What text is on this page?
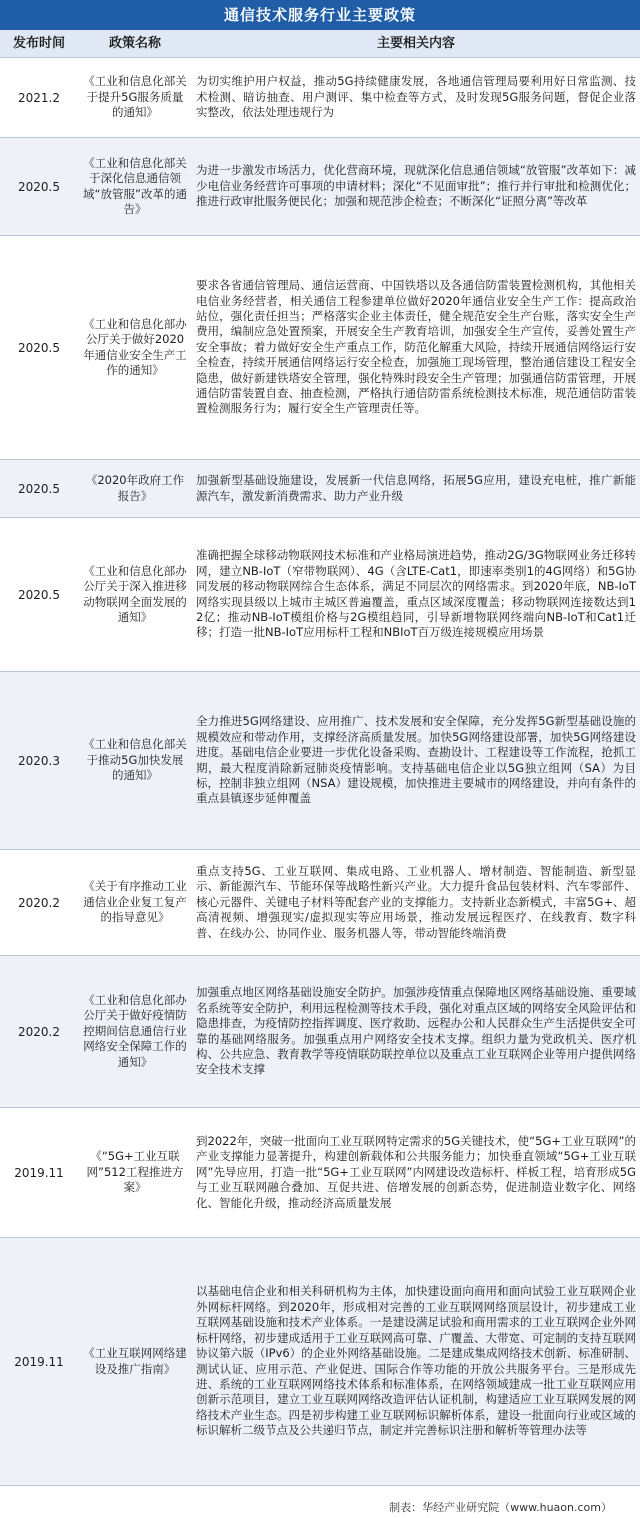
通信技术服务行业主要政策
发布时间	政策名称	主要相关内容
2021.2
《工业和信息化部关于提升5G服务质量的通知》
为切实维护用户权益，推动5G持续健康发展，各地通信管理局要利用好日常监测、技术检测、暗访抽查、用户测评、集中检查等方式，及时发现5G服务问题，督促企业落实整改，依法处理违规行为
2020.5
《工业和信息化部关于深化信息通信领域“放管服”改革的通告》
为进一步激发市场活力，优化营商环境，现就深化信息通信领域“放管服”改革如下：减少电信业务经营许可事项的申请材料；深化“不见面审批”；推行并行审批和检测优化；推进行政审批服务便民化；加强和规范涉企检查；不断深化“证照分离”等改革
2020.5
《工业和信息化部办公厅关于做好2020年通信业安全生产工作的通知》
要求各省通信管理局、通信运营商、中国铁塔以及各通信防雷装置检测机构，其他相关电信业务经营者，相关通信工程参建单位做好2020年通信业安全生产工作：提高政治站位，强化责任担当；严格落实企业主体责任，健全规范安全生产台账，落实安全生产费用，编制应急处置预案，开展安全生产教育培训，加强安全生产宣传，妥善处置生产安全事故；着力做好安全生产重点工作，防范化解重大风险，持续开展通信网络运行安全检查，持续开展通信网络运行安全检查，加强施工现场管理，整治通信建设工程安全隐患，做好新建铁塔安全管理，强化特殊时段安全生产管理；加强通信防雷管理，开展通信防雷装置自查、抽查检测，严格执行通信防雷系统检测技术标准，规范通信防雷装置检测服务行为；履行安全生产管理责任等。
2020.5
《2020年政府工作报告》
加强新型基础设施建设，发展新一代信息网络，拓展5G应用，建设充电桩，推广新能源汽车，激发新消费需求、助力产业升级
2020.5
《工业和信息化部办公厅关于深入推进移动物联网全面发展的通知》
准确把握全球移动物联网技术标准和产业格局演进趋势，推动2G/3G物联网业务迁移转网，建立NB-IoT（窄带物联网）、4G（含LTE-Cat1，即速率类别1的4G网络）和5G协同发展的移动物联网综合生态体系，满足不同层次的网络需求。到2020年底，NB-IoT网络实现县级以上城市主城区普遍覆盖，重点区域深度覆盖；移动物联网连接数达到12亿；推动NB-IoT模组价格与2G模组趋同，引导新增物联网终端向NB-IoT和Cat1迁移；打造一批NB-IoT应用标杆工程和NBIoT百万级连接规模应用场景
2020.3
《工业和信息化部关于推动5G加快发展的通知》
全力推进5G网络建设、应用推广、技术发展和安全保障，充分发挥5G新型基础设施的规模效应和带动作用，支撑经济高质量发展。加快5G网络建设部署，加快5G网络建设进度。基础电信企业要进一步优化设备采购、查勘设计、工程建设等工作流程，抢抓工期，最大程度消除新冠肺炎疫情影响。支持基础电信企业以5G独立组网（SA）为目标，控制非独立组网（NSA）建设规模，加快推进主要城市的网络建设，并向有条件的重点县镇逐步延伸覆盖
2020.2
《关于有序推动工业通信业企业复工复产的指导意见》
重点支持5G、工业互联网、集成电路、工业机器人、增材制造、智能制造、新型显示、新能源汽车、节能环保等战略性新兴产业。大力提升食品包装材料、汽车零部件、核心元器件、关键电子材料等配套产业的支撑能力。支持新业态新模式，丰富5G+、超高清视频、增强现实/虚拟现实等应用场景，推动发展远程医疗、在线教育、数字科普、在线办公、协同作业、服务机器人等，带动智能终端消费
2020.2
《工业和信息化部办公厅关于做好疫情防控期间信息通信行业网络安全保障工作的通知》
加强重点地区网络基础设施安全防护。加强涉疫情重点保障地区网络基础设施、重要域名系统等安全防护，利用远程检测等技术手段，强化对重点区域的网络安全风险评估和隐患排查，为疫情防控指挥调度、医疗救助、远程办公和人民群众生产生活提供安全可靠的基础网络服务。加强重点用户网络安全技术支撑。组织力量为党政机关、医疗机构、公共应急、教育教学等疫情联防联控单位以及重点工业互联网企业等用户提供网络安全技术支撑
2019.11
《“5G+工业互联网”512工程推进方案》
到2022年，突破一批面向工业互联网特定需求的5G关键技术，使“5G+工业互联网”的产业支撑能力显著提升，构建创新载体和公共服务能力；加快垂直领域“5G+工业互联网”先导应用，打造一批“5G+工业互联网”内网建设改造标杆、样板工程，培育形成5G与工业互联网融合叠加、互促共进、倍增发展的创新态势，促进制造业数字化、网络化、智能化升级，推动经济高质量发展
2019.11
《工业互联网网络建设及推广指南》
以基础电信企业和相关科研机构为主体，加快建设面向商用和面向试验工业互联网企业外网标杆网络。到2020年，形成相对完善的工业互联网网络顶层设计，初步建成工业互联网基础设施和技术产业体系。一是建设满足试验和商用需求的工业互联网企业外网标杆网络，初步建成适用于工业互联网高可靠、广覆盖、大带宽、可定制的支持互联网协议第六版（IPv6）的企业外网络基础设施。二是建成集成网络技术创新、标准研制、测试认证、应用示范、产业促进、国际合作等功能的开放公共服务平台。三是形成先进、系统的工业互联网网络技术体系和标准体系，在网络领域建成一批工业互联网应用创新示范项目，建立工业互联网网络改造评估认证机制，构建适应工业互联网发展的网络技术产业生态。四是初步构建工业互联网标识解析体系，建设一批面向行业或区域的标识解析二级节点及公共递归节点，制定并完善标识注册和解析等管理办法等
制表：华经产业研究院（www.huaon.com）
